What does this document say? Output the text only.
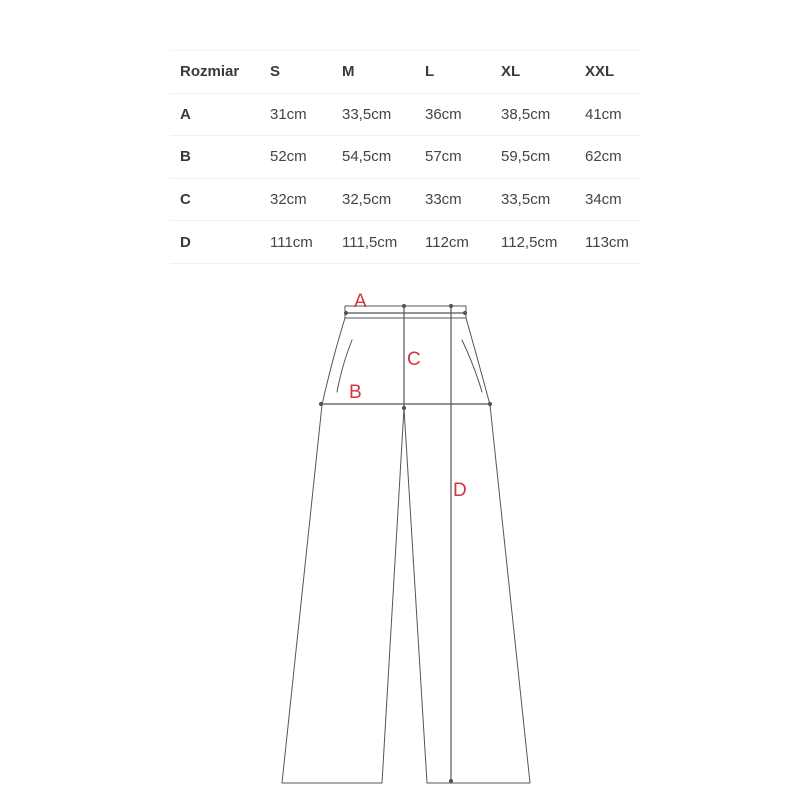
Rozmiar	S	M	L	XL	XXL
A	31cm	33,5cm	36cm	38,5cm	41cm
B	52cm	54,5cm	57cm	59,5cm	62cm
C	32cm	32,5cm	33cm	33,5cm	34cm
D	111cm	111,5cm	112cm	112,5cm	113cm
A
C
B
D
